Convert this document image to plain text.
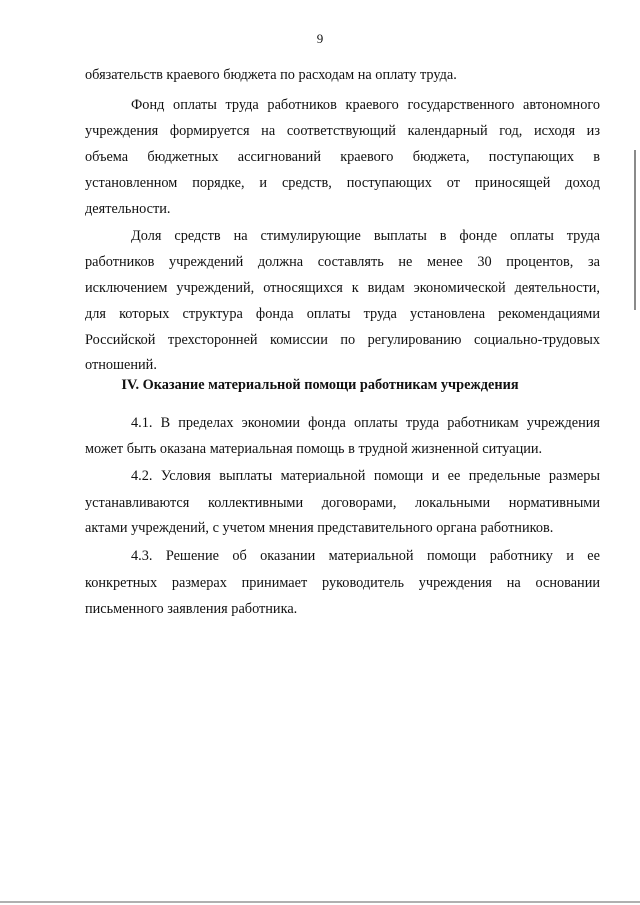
9
обязательств краевого бюджета по расходам на оплату труда.
Фонд оплаты труда работников краевого государственного автономного
учреждения формируется на соответствующий календарный год, исходя из
объема бюджетных ассигнований краевого бюджета, поступающих в
установленном порядке, и средств, поступающих от приносящей доход
деятельности.
Доля средств на стимулирующие выплаты в фонде оплаты труда
работников учреждений должна составлять не менее 30 процентов, за
исключением учреждений, относящихся к видам экономической деятельности,
для которых структура фонда оплаты труда установлена рекомендациями
Российской трехсторонней комиссии по регулированию социально-трудовых
отношений.
IV. Оказание материальной помощи работникам учреждения
4.1. В пределах экономии фонда оплаты труда работникам учреждения
может быть оказана материальная помощь в трудной жизненной ситуации.
4.2. Условия выплаты материальной помощи и ее предельные размеры
устанавливаются коллективными договорами, локальными нормативными
актами учреждений, с учетом мнения представительного органа работников.
4.3. Решение об оказании материальной помощи работнику и ее
конкретных размерах принимает руководитель учреждения на основании
письменного заявления работника.
